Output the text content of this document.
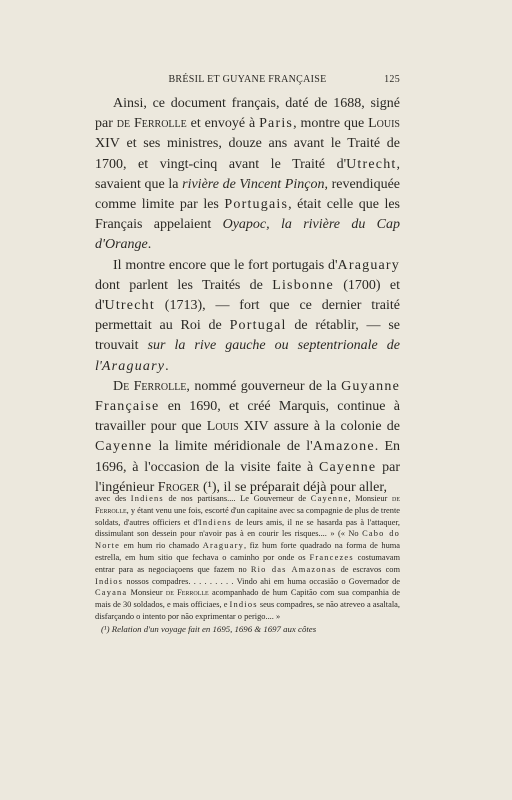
BRÉSIL ET GUYANE FRANÇAISE	125

Ainsi, ce document français, daté de 1688, signé par de Ferrolle et envoyé à Paris, montre que Louis XIV et ses ministres, douze ans avant le Traité de 1700, et vingt-cinq avant le Traité d'Utrecht, savaient que la rivière de Vincent Pinçon, revendiquée comme limite par les Portugais, était celle que les Français appelaient Oyapoc, la rivière du Cap d'Orange.

Il montre encore que le fort portugais d'Araguary dont parlent les Traités de Lisbonne (1700) et d'Utrecht (1713), — fort que ce dernier traité permettait au Roi de Portugal de rétablir, — se trouvait sur la rive gauche ou septentrionale de l'Araguary.

De Ferrolle, nommé gouverneur de la Guyanne Française en 1690, et créé Marquis, continue à travailler pour que Louis XIV assure à la colonie de Cayenne la limite méridionale de l'Amazone. En 1696, à l'occasion de la visite faite à Cayenne par l'ingénieur Froger (¹), il se préparait déjà pour aller,

avec des Indiens de nos partisans.... Le Gouverneur de Cayenne, Monsieur de Ferrolle, y étant venu une fois, escorté d'un capitaine avec sa compagnie de plus de trente soldats, d'autres officiers et d'Indiens de leurs amis, il ne se hasarda pas à l'attaquer, dissimulant son dessein pour n'avoir pas à en courir les risques.... » (« No Cabo do Norte em hum rio chamado Araguary, fiz hum forte quadrado na forma de huma estrella, em hum sitio que fechava o caminho por onde os Francezes costumavam entrar para as negociaçoens que fazem no Rio das Amazonas de escravos com Indios nossos compadres. . . . . . . . . Vindo ahi em huma occasião o Governador de Cayana Monsieur de Ferrolle acompanhado de hum Capitão com sua companhia de mais de 30 soldados, e mais officiaes, e Indios seus compadres, se não atreveo a asaltala, disfarçando o intento por não exprimentar o perigo.... »

(¹) Relation d'un voyage fait en 1695, 1696 & 1697 aux côtes
